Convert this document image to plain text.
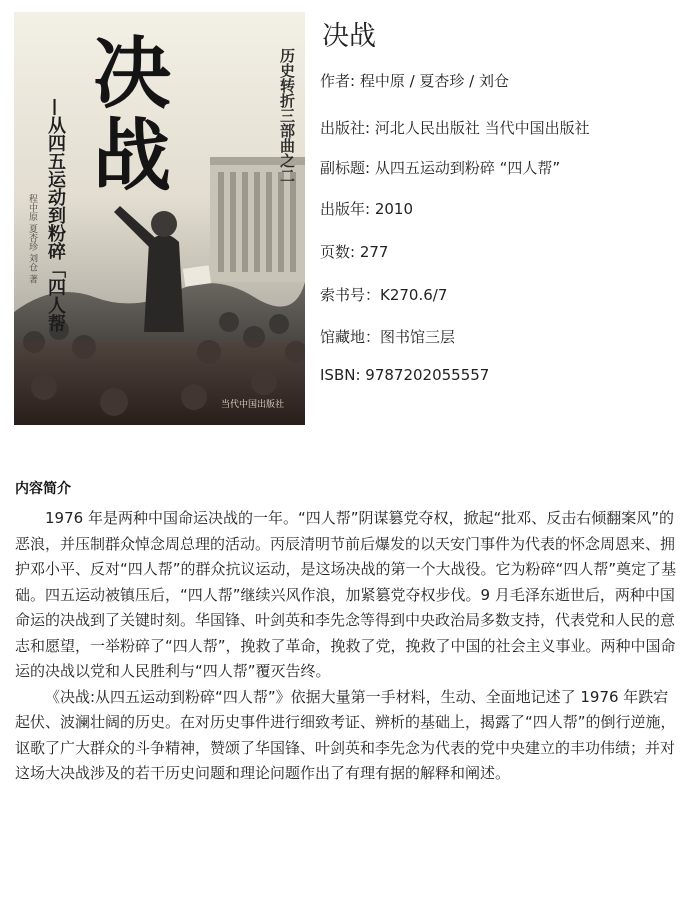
决战
—从四五运动到粉碎「四人帮	历史转折三部曲之二
程中原 夏杏珍 刘仓 著
当代中国出版社
决战
作者: 程中原 / 夏杏珍 / 刘仓
出版社: 河北人民出版社 当代中国出版社
副标题: 从四五运动到粉碎 “四人帮”
出版年: 2010
页数: 277
索书号：K270.6/7
馆藏地：图书馆三层
ISBN: 9787202055557
内容简介

1976 年是两种中国命运决战的一年。“四人帮”阴谋篡党夺权，掀起“批邓、反击右倾翻案风”的恶浪，并压制群众悼念周总理的活动。丙辰清明节前后爆发的以天安门事件为代表的怀念周恩来、拥护邓小平、反对“四人帮”的群众抗议运动，是这场决战的第一个大战役。它为粉碎“四人帮”奠定了基础。四五运动被镇压后，“四人帮”继续兴风作浪，加紧篡党夺权步伐。9 月毛泽东逝世后，两种中国命运的决战到了关键时刻。华国锋、叶剑英和李先念等得到中央政治局多数支持，代表党和人民的意志和愿望，一举粉碎了“四人帮”，挽救了革命，挽救了党，挽救了中国的社会主义事业。两种中国命运的决战以党和人民胜利与“四人帮”覆灭告终。

《决战:从四五运动到粉碎“四人帮”》依据大量第一手材料，生动、全面地记述了 1976 年跌宕起伏、波澜壮阔的历史。在对历史事件进行细致考证、辨析的基础上，揭露了“四人帮”的倒行逆施，讴歌了广大群众的斗争精神，赞颂了华国锋、叶剑英和李先念为代表的党中央建立的丰功伟绩；并对这场大决战涉及的若干历史问题和理论问题作出了有理有据的解释和阐述。
